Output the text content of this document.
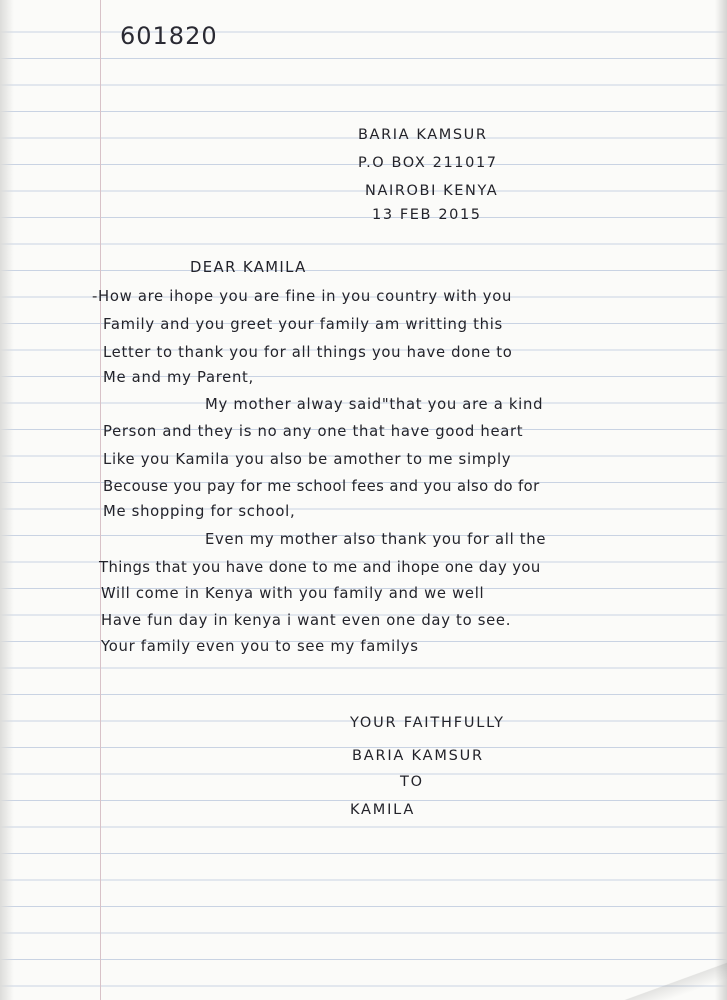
601820
BARIA KAMSUR
P.O BOX 211017
NAIROBI KENYA
13 FEB 2015
DEAR KAMILA
-How are ihope you are fine in you country with you
Family and you greet your family am writting this
Letter to thank you for all things you have done to
Me and my Parent,
My mother alway said"that you are a kind
Person and they is no any one that have good heart
Like you Kamila you also be amother to me simply
Becouse you pay for me school fees and you also do for
Me shopping for school,
Even my mother also thank you for all the
Things that you have done to me and ihope one day you
Will come in Kenya with you family and we well
Have fun day in kenya i want even one day to see.
Your family even you to see my familys
YOUR FAITHFULLY
BARIA KAMSUR
TO
KAMILA
